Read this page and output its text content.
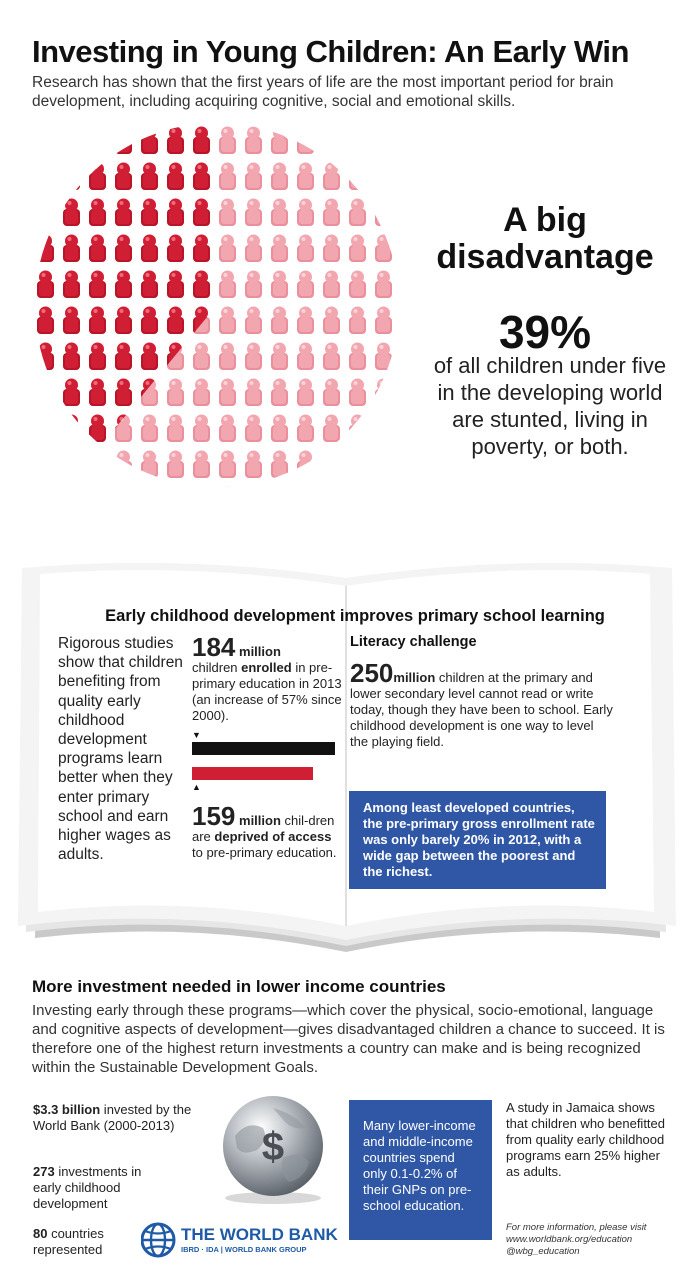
Investing in Young Children: An Early Win
Research has shown that the first years of life are the most important period for brain development, including acquiring cognitive, social and emotional skills.
A big
disadvantage
39%
of all children under five in the developing world are stunted, living in poverty, or both.
Early childhood development improves primary school learning
Rigorous studies show that children benefiting from quality early childhood development programs learn better when they enter primary school and earn higher wages as adults.
184 million
children enrolled in pre-primary education in 2013 (an increase of 57% since 2000).
▼
▲
159 million chil-dren are deprived of access to pre-primary education.
Literacy challenge
250million children at the primary and lower secondary level cannot read or write today, though they have been to school. Early childhood development is one way to level the playing field.
Among least developed countries, the pre-primary gross enrollment rate was only barely 20% in 2012, with a wide gap between the poorest and the richest.
More investment needed in lower income countries
Investing early through these programs—which cover the physical, socio-emotional, language and cognitive aspects of development—gives disadvantaged children a chance to succeed. It is therefore one of the highest return investments a country can make and is being recognized within the Sustainable Development Goals.
$3.3 billion invested by the World Bank (2000-2013)
273 investments in early childhood development
80 countries represented
$
THE WORLD BANK
IBRD · IDA | WORLD BANK GROUP
Many lower-income and middle-income countries spend only 0.1-0.2% of their GNPs on pre-school education.
A study in Jamaica shows that children who benefitted from quality early childhood programs earn 25% higher as adults.
For more information, please visit www.worldbank.org/education @wbg_education
